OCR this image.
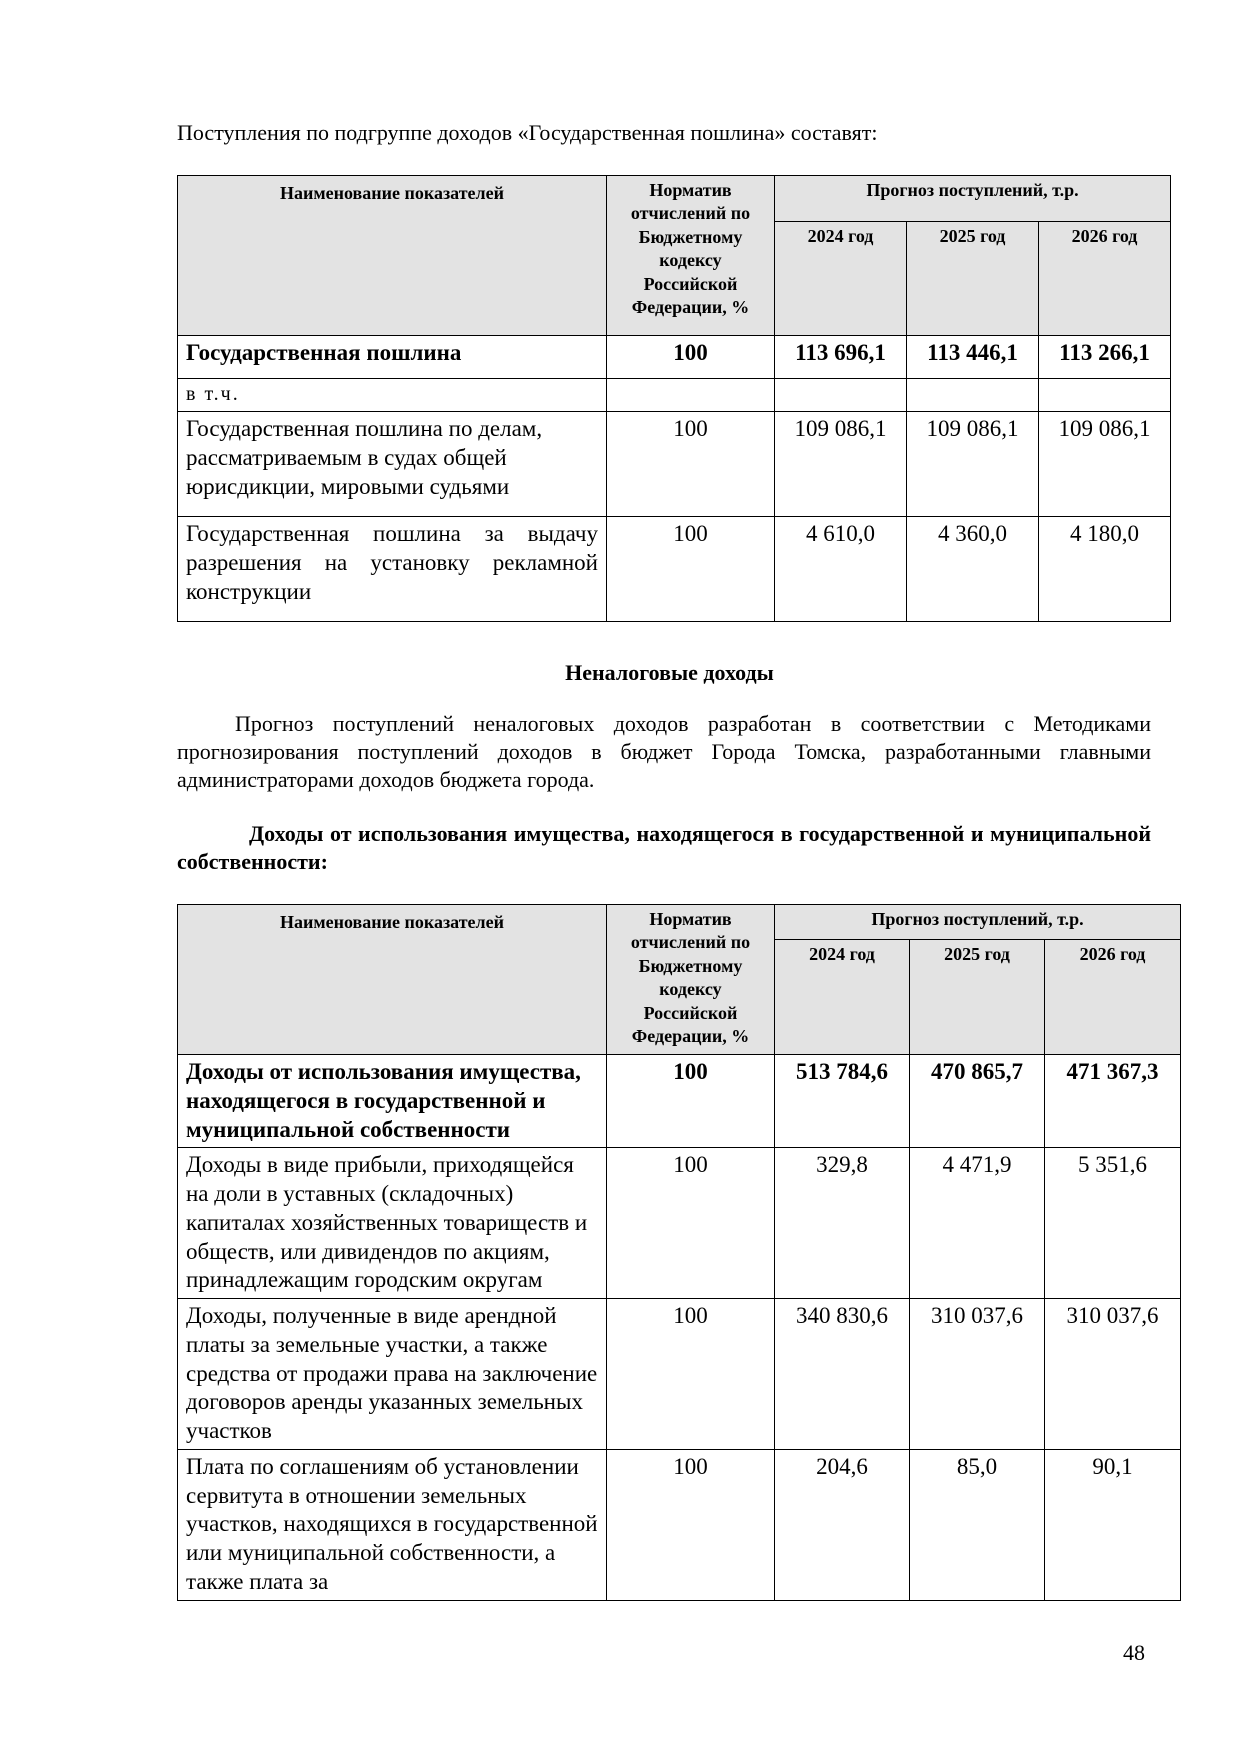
Поступления по подгруппе доходов «Государственная пошлина» составят:
Наименование показателей	Норматив отчислений по Бюджетному кодексу Российской Федерации, %	Прогноз поступлений, т.р.		
		2024 год	2025 год	2026 год
Государственная пошлина	100	113 696,1	113 446,1	113 266,1
в т.ч.				
Государственная пошлина по делам, рассматриваемым в судах общей юрисдикции, мировыми судьями	100	109 086,1	109 086,1	109 086,1
Государственная пошлина за выдачу разрешения на установку рекламной конструкции	100	4 610,0	4 360,0	4 180,0
Неналоговые доходы
Прогноз поступлений неналоговых доходов разработан в соответствии с Методиками прогнозирования поступлений доходов в бюджет Города Томска, разработанными главными администраторами доходов бюджета города.
Доходы от использования имущества, находящегося в государственной и муниципальной собственности:
Наименование показателей	Норматив отчислений по Бюджетному кодексу Российской Федерации, %	Прогноз поступлений, т.р.		
		2024 год	2025 год	2026 год
Доходы от использования имущества, находящегося в государственной и муниципальной собственности	100	513 784,6	470 865,7	471 367,3
Доходы в виде прибыли, приходящейся на доли в уставных (складочных) капиталах хозяйственных товариществ и обществ, или дивидендов по акциям, принадлежащим городским округам	100	329,8	4 471,9	5 351,6
Доходы, полученные в виде арендной платы за земельные участки, а также средства от продажи права на заключение договоров аренды указанных земельных участков	100	340 830,6	310 037,6	310 037,6
Плата по соглашениям об установлении сервитута в отношении земельных участков, находящихся в государственной или муниципальной собственности, а также плата за	100	204,6	85,0	90,1
48
